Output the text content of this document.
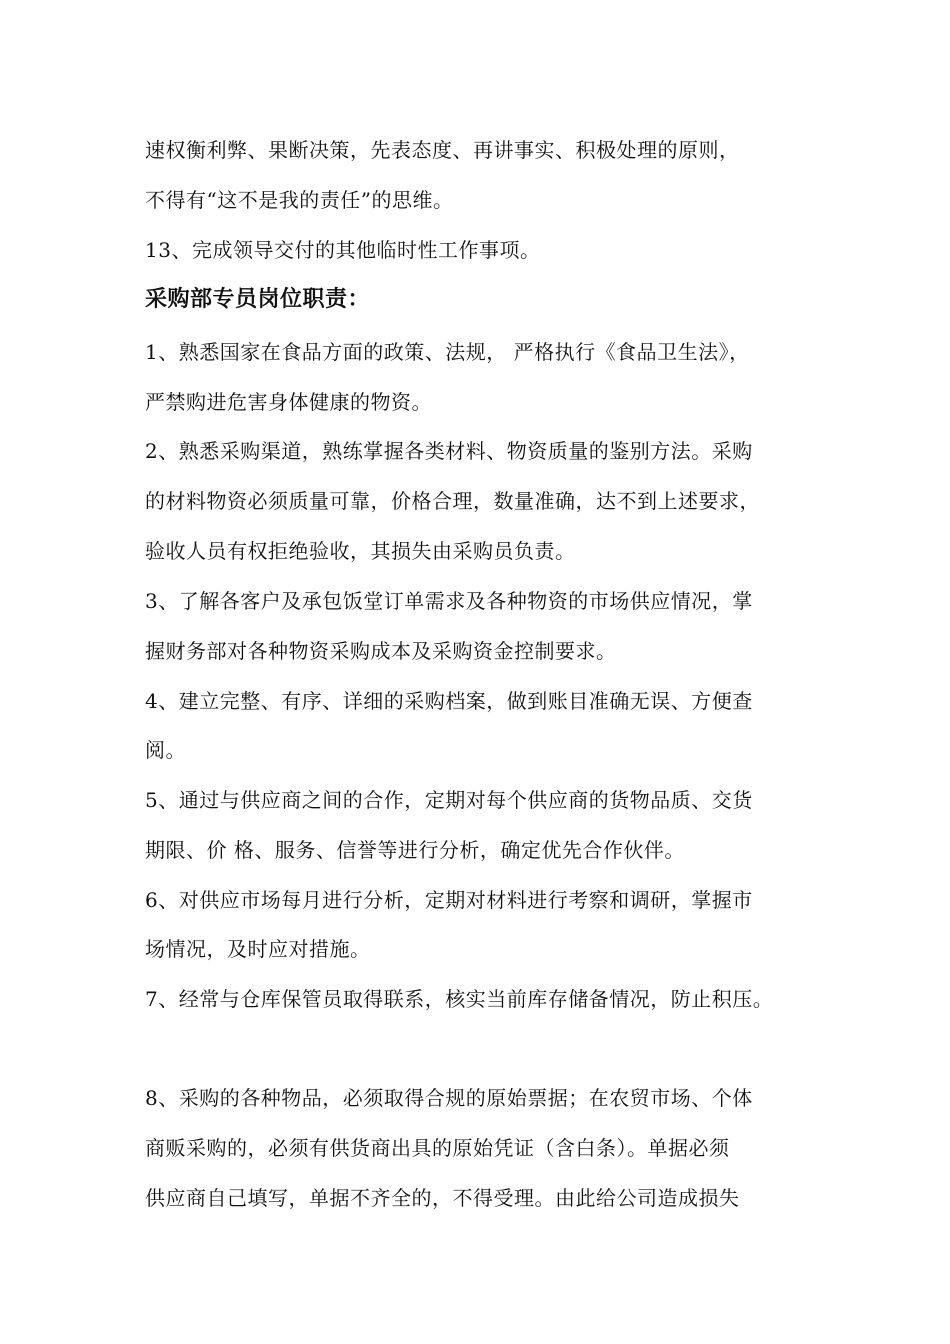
速权衡利弊、果断决策，先表态度、再讲事实、积极处理的原则，
不得有“这不是我的责任”的思维。
13、完成领导交付的其他临时性工作事项。
采购部专员岗位职责：
1、熟悉国家在食品方面的政策、法规， 严格执行《食品卫生法》，
严禁购进危害身体健康的物资。
2、熟悉采购渠道，熟练掌握各类材料、物资质量的鉴别方法。采购
的材料物资必须质量可靠，价格合理，数量准确，达不到上述要求，
验收人员有权拒绝验收，其损失由采购员负责。
3、了解各客户及承包饭堂订单需求及各种物资的市场供应情况，掌
握财务部对各种物资采购成本及采购资金控制要求。
4、建立完整、有序、详细的采购档案，做到账目准确无误、方便查
阅。
5、通过与供应商之间的合作，定期对每个供应商的货物品质、交货
期限、价 格、服务、信誉等进行分析，确定优先合作伙伴。
6、对供应市场每月进行分析，定期对材料进行考察和调研，掌握市
场情况，及时应对措施。
7、经常与仓库保管员取得联系，核实当前库存储备情况，防止积压。
8、采购的各种物品，必须取得合规的原始票据；在农贸市场、个体
商贩采购的，必须有供货商出具的原始凭证（含白条）。单据必须
供应商自己填写，单据不齐全的，不得受理。由此给公司造成损失
